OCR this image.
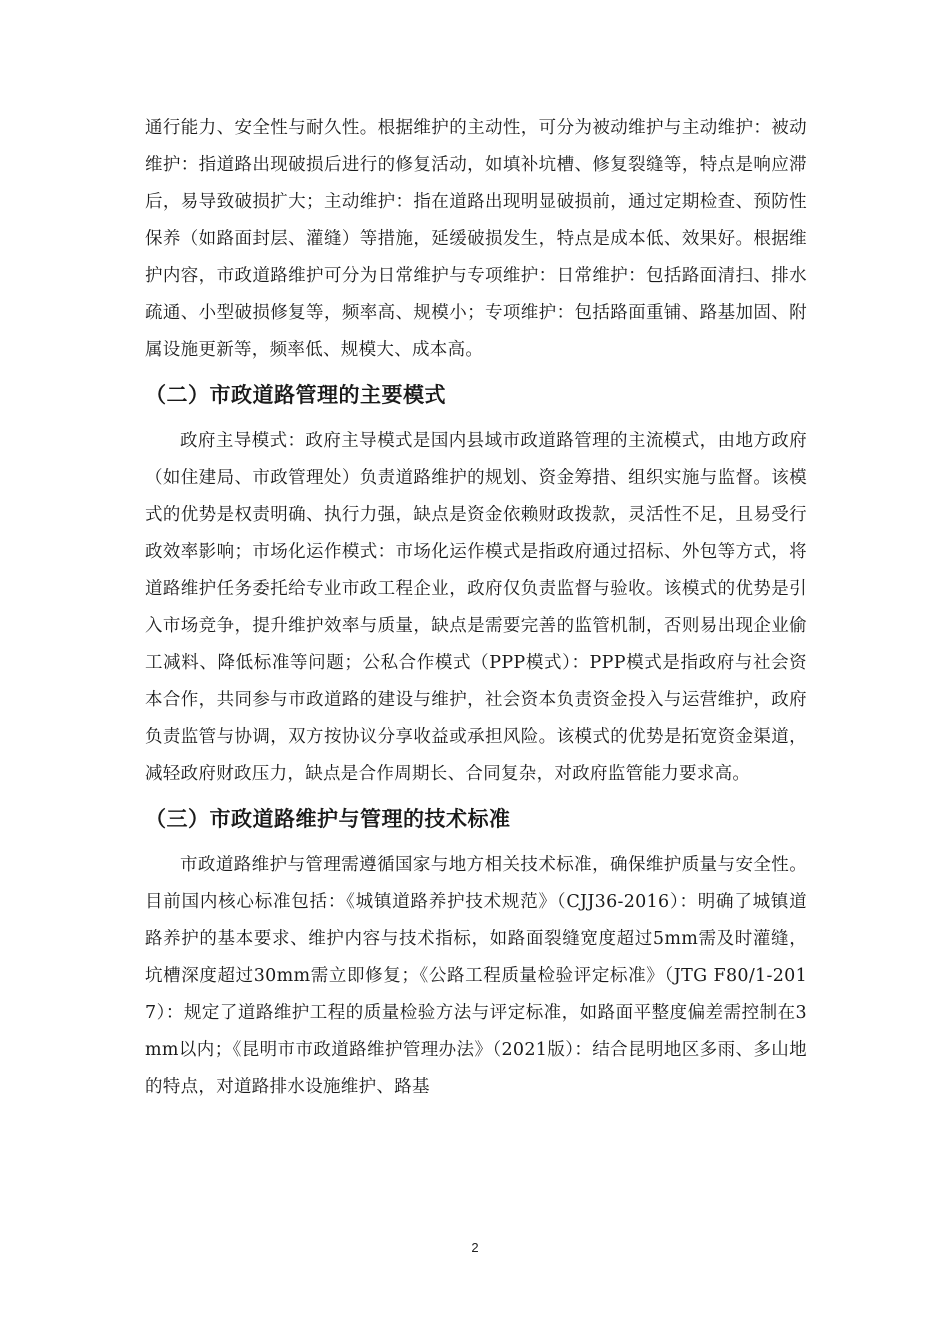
通行能力、安全性与耐久性。根据维护的主动性，可分为被动维护与主动维护：被动维护：指道路出现破损后进行的修复活动，如填补坑槽、修复裂缝等，特点是响应滞后，易导致破损扩大；主动维护：指在道路出现明显破损前，通过定期检查、预防性保养（如路面封层、灌缝）等措施，延缓破损发生，特点是成本低、效果好。根据维护内容，市政道路维护可分为日常维护与专项维护：日常维护：包括路面清扫、排水疏通、小型破损修复等，频率高、规模小；专项维护：包括路面重铺、路基加固、附属设施更新等，频率低、规模大、成本高。

（二）市政道路管理的主要模式

政府主导模式：政府主导模式是国内县域市政道路管理的主流模式，由地方政府（如住建局、市政管理处）负责道路维护的规划、资金筹措、组织实施与监督。该模式的优势是权责明确、执行力强，缺点是资金依赖财政拨款，灵活性不足，且易受行政效率影响；市场化运作模式：市场化运作模式是指政府通过招标、外包等方式，将道路维护任务委托给专业市政工程企业，政府仅负责监督与验收。该模式的优势是引入市场竞争，提升维护效率与质量，缺点是需要完善的监管机制，否则易出现企业偷工减料、降低标准等问题；公私合作模式（PPP模式）：PPP模式是指政府与社会资本合作，共同参与市政道路的建设与维护，社会资本负责资金投入与运营维护，政府负责监管与协调，双方按协议分享收益或承担风险。该模式的优势是拓宽资金渠道，减轻政府财政压力，缺点是合作周期长、合同复杂，对政府监管能力要求高。

（三）市政道路维护与管理的技术标准

市政道路维护与管理需遵循国家与地方相关技术标准，确保维护质量与安全性。目前国内核心标准包括：《城镇道路养护技术规范》（CJJ36-2016）：明确了城镇道路养护的基本要求、维护内容与技术指标，如路面裂缝宽度超过5mm需及时灌缝，坑槽深度超过30mm需立即修复；《公路工程质量检验评定标准》（JTG F80/1-2017）：规定了道路维护工程的质量检验方法与评定标准，如路面平整度偏差需控制在3mm以内；《昆明市市政道路维护管理办法》（2021版）：结合昆明地区多雨、多山地的特点，对道路排水设施维护、路基

2
